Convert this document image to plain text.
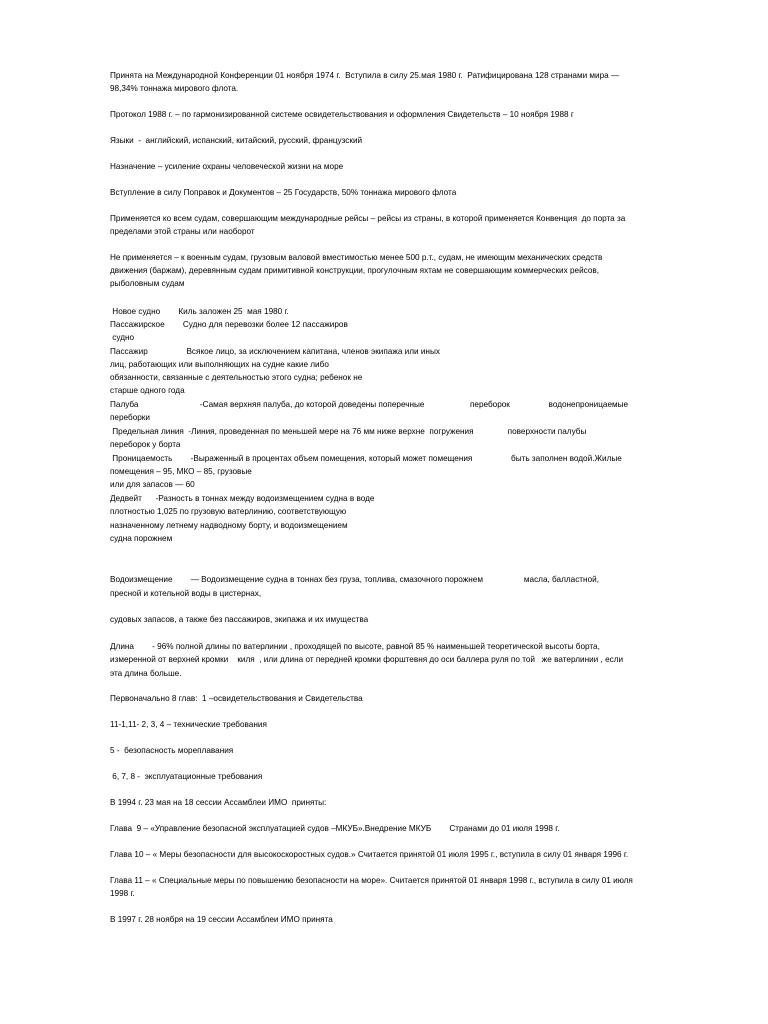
Принята на Международной Конференции 01 ноября 1974 г.  Вступила в силу 25.мая 1980 г.  Ратифицирована 128 странами мира —
98,34% тоннажа мирового флота.
Протокол 1988 г. – по гармонизированной системе освидетельствования и оформления Свидетельств – 10 ноября 1988 г
Языки  -  английский, испанский, китайский, русский, французский
Назначение – усиление охраны человеческой жизни на море
Вступление в силу Поправок и Документов – 25 Государств, 50% тоннажа мирового флота
Применяется ко всем судам, совершающим международные рейсы – рейсы из страны, в которой применяется Конвенция  до порта за
пределами этой страны или наоборот
Не применяется – к военным судам, грузовым валовой вместимостью менее 500 р.т., судам, не имеющим механических средств
движения (баржам), деревянным судам примитивной конструкции, прогулочным яхтам не совершающим коммерческих рейсов,
рыболовным судам
Новое судно        Киль заложен 25  мая 1980 г.
Пассажирское        Судно для перевозки более 12 пассажиров
судно
Пассажир                 Всякое лицо, за исключением капитана, членов экипажа или иных
лиц, работающих или выполняющих на судне какие либо
обязанности, связанные с деятельностью этого судна; ребенок не
старше одного года
Палуба                           -Самая верхняя палуба, до которой доведены поперечные                    переборок                 водонепроницаемые
переборки
Предельная линия  -Линия, проведенная по меньшей мере на 76 мм ниже верхне  погружения               поверхности палубы
переборок у борта
Проницаемость        -Выраженный в процентах объем помещения, который может помещения                 быть заполнен водой.Жилые
помещения – 95, МКО – 85, грузовые
или для запасов — 60
Дедвейт      -Разность в тоннах между водоизмещением судна в воде
плотностью 1,025 по грузовую ватерлинию, соответствующую
назначенному летнему надводному борту, и водоизмещением
судна порожнем
Водоизмещение        — Водоизмещение судна в тоннах без груза, топлива, смазочного порожнем                  масла, балластной,
пресной и котельной воды в цистернах,
судовых запасов, а также без пассажиров, экипажа и их имущества
Длина        - 96% полной длины по ватерлинии , проходящей по высоте, равной 85 % наименьшей теоретической высоты борта,
измеренной от верхней кромки    киля  , или длина от передней кромки форштевня до оси баллера руля по той   же ватерлинии , если
эта длина больше.
Первоначально 8 глав:  1 –освидетельствования и Свидетельства
11-1,11- 2, 3, 4 – технические требования
5 -  безопасность мореплавания
6, 7, 8 -  эксплуатационные требования
В 1994 г. 23 мая на 18 сессии Ассамблеи ИМО  приняты:
Глава  9 – «Управление безопасной эксплуатацией судов –МКУБ».Внедрение МКУБ        Странами до 01 июля 1998 г.
Глава 10 – « Меры безопасности для высокоскоростных судов.» Считается принятой 01 июля 1995 г., вступила в силу 01 января 1996 г.
Глава 11 – « Специальные меры по повышению безопасности на море». Считается принятой 01 января 1998 г., вступила в силу 01 июля
1998 г.
В 1997 г. 28 ноября на 19 сессии Ассамблеи ИМО принята
